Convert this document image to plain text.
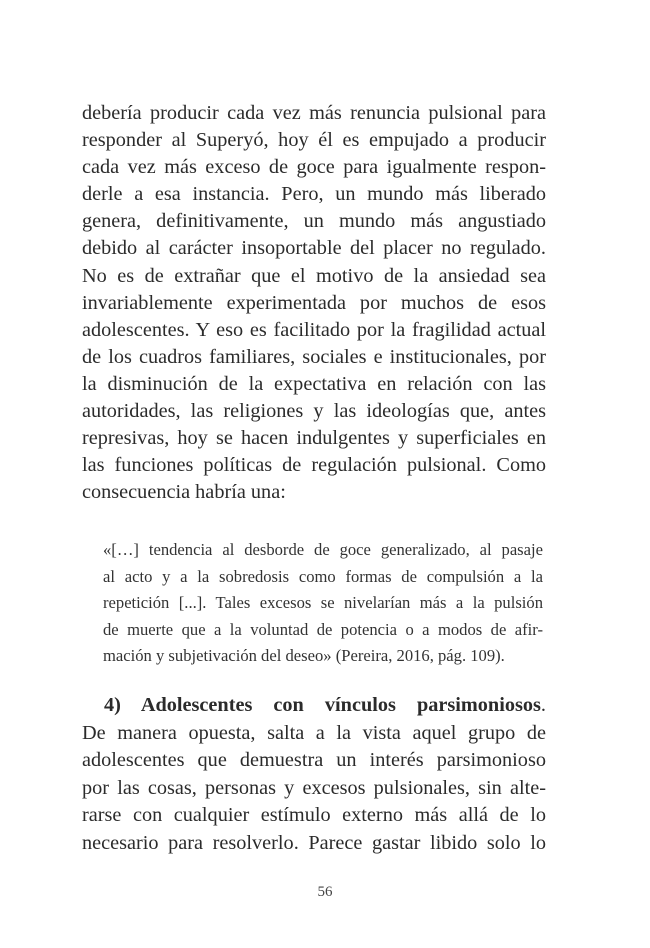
debería producir cada vez más renuncia pulsional para
responder al Superyó, hoy él es empujado a producir
cada vez más exceso de goce para igualmente respon-
derle a esa instancia. Pero, un mundo más liberado
genera, definitivamente, un mundo más angustiado
debido al carácter insoportable del placer no regulado.
No es de extrañar que el motivo de la ansiedad sea
invariablemente experimentada por muchos de esos
adolescentes. Y eso es facilitado por la fragilidad actual
de los cuadros familiares, sociales e institucionales, por
la disminución de la expectativa en relación con las
autoridades, las religiones y las ideologías que, antes
represivas, hoy se hacen indulgentes y superficiales en
las funciones políticas de regulación pulsional. Como
consecuencia habría una:
«[…] tendencia al desborde de goce generalizado, al pasaje
al acto y a la sobredosis como formas de compulsión a la
repetición [...]. Tales excesos se nivelarían más a la pulsión
de muerte que a la voluntad de potencia o a modos de afir-
mación y subjetivación del deseo» (Pereira, 2016, pág. 109).
4) Adolescentes con vínculos parsimoniosos.
De manera opuesta, salta a la vista aquel grupo de
adolescentes que demuestra un interés parsimonioso
por las cosas, personas y excesos pulsionales, sin alte-
rarse con cualquier estímulo externo más allá de lo
necesario para resolverlo. Parece gastar libido solo lo
56
